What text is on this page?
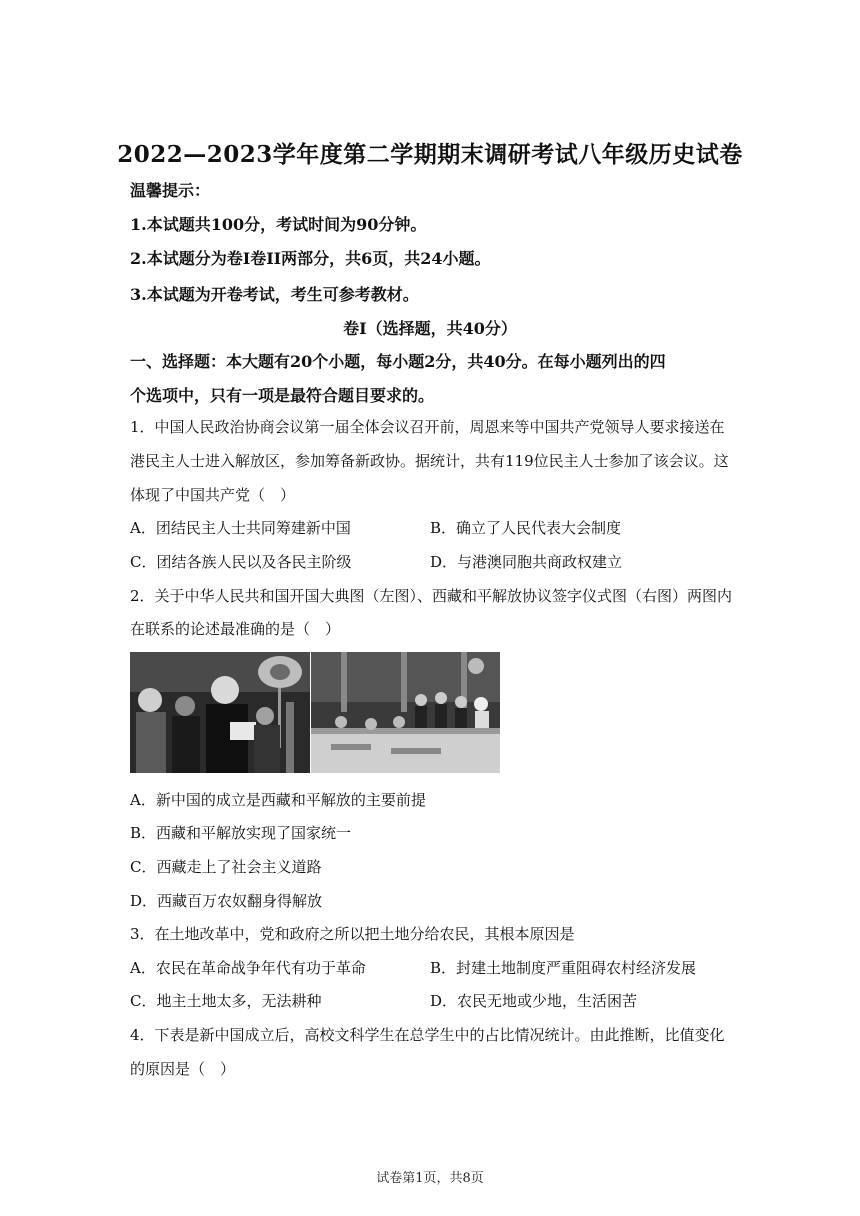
2022—2023学年度第二学期期末调研考试八年级历史试卷
温馨提示：
1.本试题共100分，考试时间为90分钟。
2.本试题分为卷I卷II两部分，共6页，共24小题。
3.本试题为开卷考试，考生可参考教材。
卷I（选择题，共40分）
一、选择题：本大题有20个小题，每小题2分，共40分。在每小题列出的四
个选项中，只有一项是最符合题目要求的。
1．中国人民政治协商会议第一届全体会议召开前，周恩来等中国共产党领导人要求接送在
港民主人士进入解放区，参加筹备新政协。据统计，共有119位民主人士参加了该会议。这
体现了中国共产党（　）
A．团结民主人士共同筹建新中国	B．确立了人民代表大会制度
C．团结各族人民以及各民主阶级	D．与港澳同胞共商政权建立
2．关于中华人民共和国开国大典图（左图）、西藏和平解放协议签字仪式图（右图）两图内
在联系的论述最准确的是（　）
A．新中国的成立是西藏和平解放的主要前提
B．西藏和平解放实现了国家统一
C．西藏走上了社会主义道路
D．西藏百万农奴翻身得解放
3．在土地改革中，党和政府之所以把土地分给农民，其根本原因是
A．农民在革命战争年代有功于革命	B．封建土地制度严重阻碍农村经济发展
C．地主土地太多，无法耕种	D．农民无地或少地，生活困苦
4．下表是新中国成立后，高校文科学生在总学生中的占比情况统计。由此推断，比值变化
的原因是（　）
试卷第1页，共8页
